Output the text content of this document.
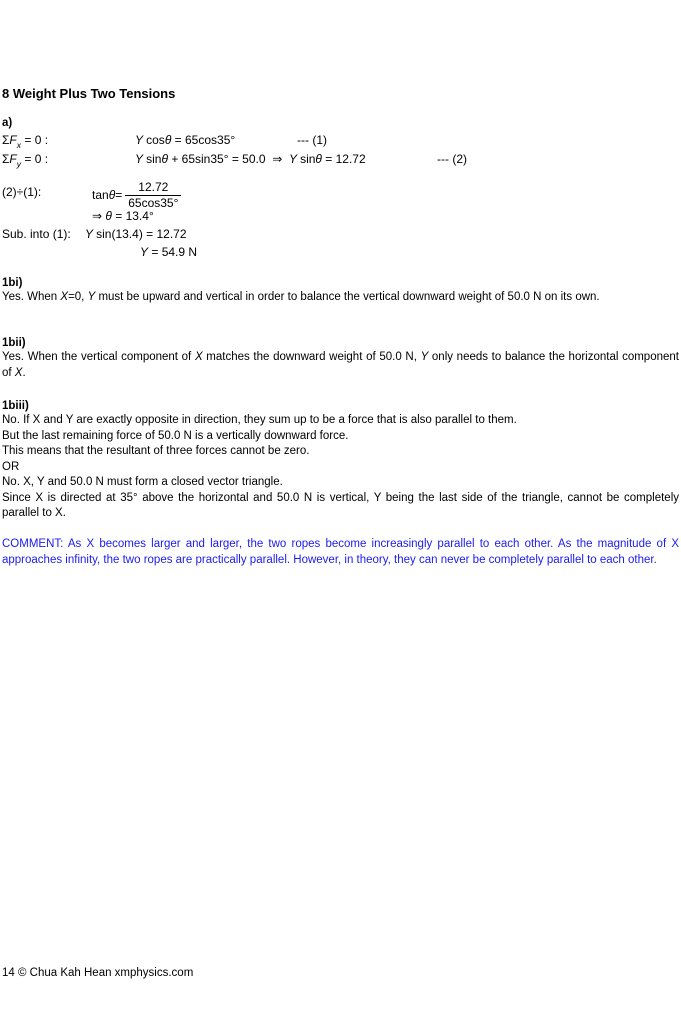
8 Weight Plus Two Tensions
a)
$\Sigma F_x = 0$ :	Y cosθ = 65cos35°	--- (1)
$\Sigma F_y = 0$ :	Y sinθ + 65sin35° = 50.0  ⇒ Y sinθ = 12.72	--- (2)
(2)÷(1):	$\tan \theta = \frac{12.72}{65\cos 35^\circ}$
⇒ θ = 13.4°
Sub. into (1): Y sin(13.4) = 12.72
Y = 54.9 N
1bi)

Yes. When X=0, Y must be upward and vertical in order to balance the vertical downward weight of 50.0 N on its own.

1bii)

Yes. When the vertical component of X matches the downward weight of 50.0 N, Y only needs to balance the horizontal component of X.

1biii)
No. If X and Y are exactly opposite in direction, they sum up to be a force that is also parallel to them.
But the last remaining force of 50.0 N is a vertically downward force.
This means that the resultant of three forces cannot be zero.
OR
No. X, Y and 50.0 N must form a closed vector triangle.

Since X is directed at 35° above the horizontal and 50.0 N is vertical, Y being the last side of the triangle, cannot be completely parallel to X.

COMMENT: As X becomes larger and larger, the two ropes become increasingly parallel to each other. As the magnitude of X approaches infinity, the two ropes are practically parallel. However, in theory, they can never be completely parallel to each other.

14 © Chua Kah Hean xmphysics.com
